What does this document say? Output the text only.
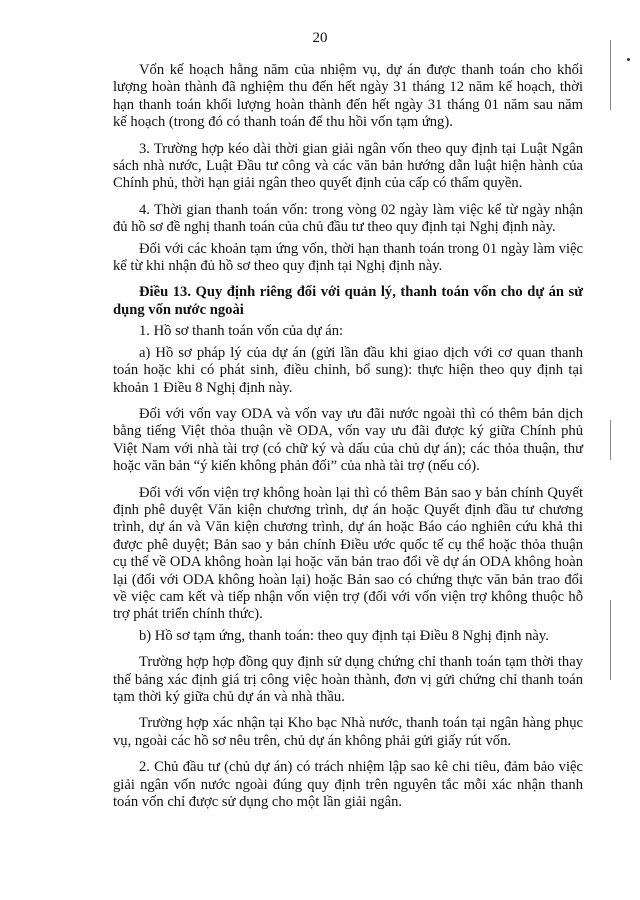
20

Vốn kế hoạch hằng năm của nhiệm vụ, dự án được thanh toán cho khối lượng hoàn thành đã nghiệm thu đến hết ngày 31 tháng 12 năm kế hoạch, thời hạn thanh toán khối lượng hoàn thành đến hết ngày 31 tháng 01 năm sau năm kế hoạch (trong đó có thanh toán để thu hồi vốn tạm ứng).

3. Trường hợp kéo dài thời gian giải ngân vốn theo quy định tại Luật Ngân sách nhà nước, Luật Đầu tư công và các văn bản hướng dẫn luật hiện hành của Chính phủ, thời hạn giải ngân theo quyết định của cấp có thẩm quyền.

4. Thời gian thanh toán vốn: trong vòng 02 ngày làm việc kể từ ngày nhận đủ hồ sơ đề nghị thanh toán của chủ đầu tư theo quy định tại Nghị định này.

Đối với các khoản tạm ứng vốn, thời hạn thanh toán trong 01 ngày làm việc kể từ khi nhận đủ hồ sơ theo quy định tại Nghị định này.

Điều 13. Quy định riêng đối với quản lý, thanh toán vốn cho dự án sử dụng vốn nước ngoài

1. Hồ sơ thanh toán vốn của dự án:

a) Hồ sơ pháp lý của dự án (gửi lần đầu khi giao dịch với cơ quan thanh toán hoặc khi có phát sinh, điều chỉnh, bổ sung): thực hiện theo quy định tại khoản 1 Điều 8 Nghị định này.

Đối với vốn vay ODA và vốn vay ưu đãi nước ngoài thì có thêm bản dịch bằng tiếng Việt thỏa thuận về ODA, vốn vay ưu đãi được ký giữa Chính phủ Việt Nam với nhà tài trợ (có chữ ký và dấu của chủ dự án); các thỏa thuận, thư hoặc văn bản “ý kiến không phản đối” của nhà tài trợ (nếu có).

Đối với vốn viện trợ không hoàn lại thì có thêm Bản sao y bản chính Quyết định phê duyệt Văn kiện chương trình, dự án hoặc Quyết định đầu tư chương trình, dự án và Văn kiện chương trình, dự án hoặc Báo cáo nghiên cứu khả thi được phê duyệt; Bản sao y bản chính Điều ước quốc tế cụ thể hoặc thỏa thuận cụ thể về ODA không hoàn lại hoặc văn bản trao đổi về dự án ODA không hoàn lại (đối với ODA không hoàn lại) hoặc Bản sao có chứng thực văn bản trao đổi về việc cam kết và tiếp nhận vốn viện trợ (đối với vốn viện trợ không thuộc hỗ trợ phát triển chính thức).

b) Hồ sơ tạm ứng, thanh toán: theo quy định tại Điều 8 Nghị định này.

Trường hợp hợp đồng quy định sử dụng chứng chỉ thanh toán tạm thời thay thế bảng xác định giá trị công việc hoàn thành, đơn vị gửi chứng chỉ thanh toán tạm thời ký giữa chủ dự án và nhà thầu.

Trường hợp xác nhận tại Kho bạc Nhà nước, thanh toán tại ngân hàng phục vụ, ngoài các hồ sơ nêu trên, chủ dự án không phải gửi giấy rút vốn.

2. Chủ đầu tư (chủ dự án) có trách nhiệm lập sao kê chi tiêu, đảm bảo việc giải ngân vốn nước ngoài đúng quy định trên nguyên tắc mỗi xác nhận thanh toán vốn chỉ được sử dụng cho một lần giải ngân.
